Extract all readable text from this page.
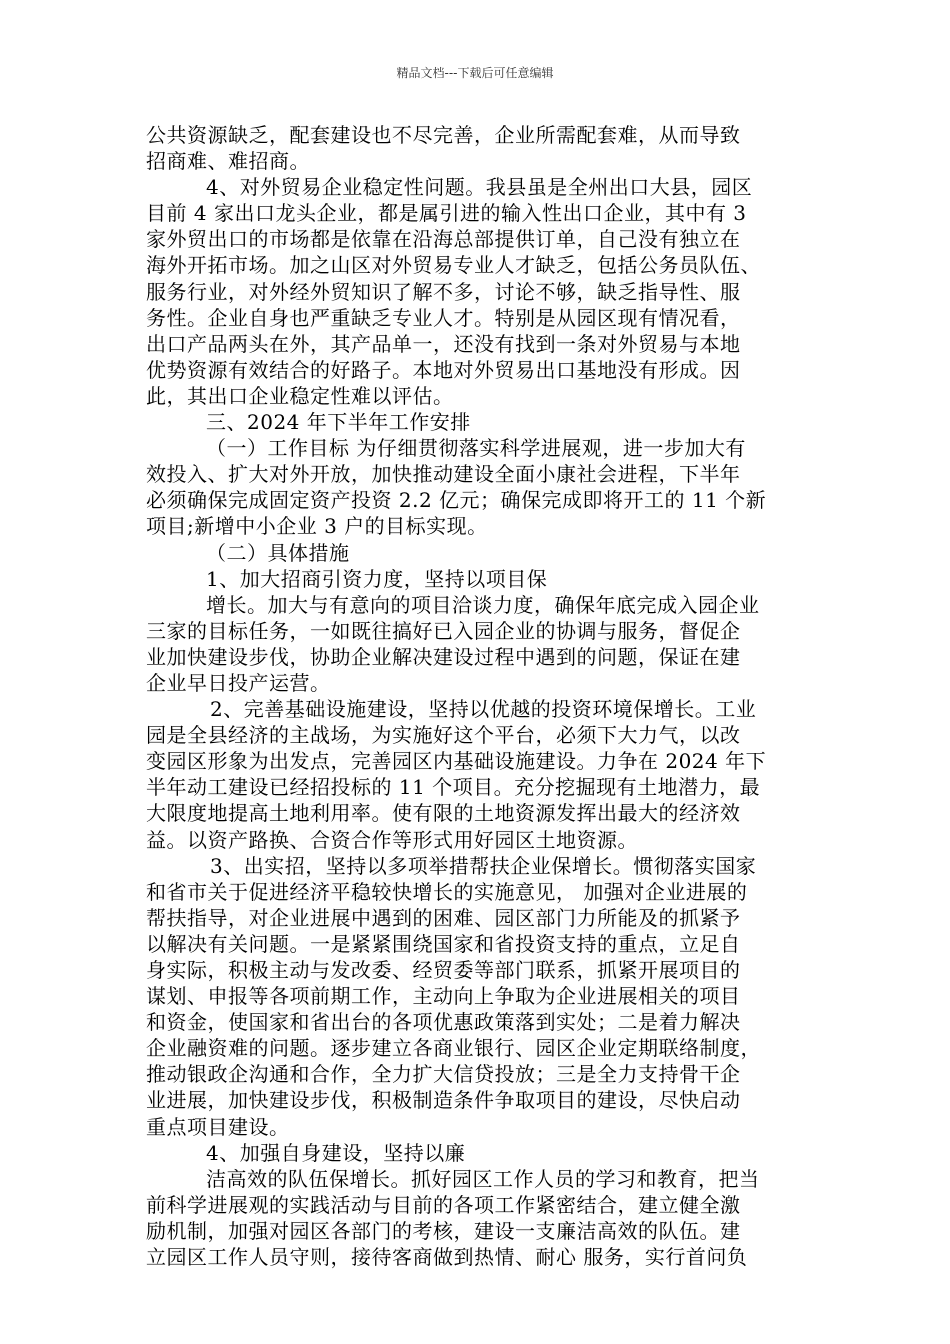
精品文档---下载后可任意编辑
公共资源缺乏，配套建设也不尽完善，企业所需配套难，从而导致
招商难、难招商。
4、对外贸易企业稳定性问题。我县虽是全州出口大县，园区
目前 4 家出口龙头企业，都是属引进的输入性出口企业，其中有 3
家外贸出口的市场都是依靠在沿海总部提供订单，自己没有独立在
海外开拓市场。加之山区对外贸易专业人才缺乏，包括公务员队伍、
服务行业，对外经外贸知识了解不多，讨论不够，缺乏指导性、服
务性。企业自身也严重缺乏专业人才。特别是从园区现有情况看，
出口产品两头在外，其产品单一，还没有找到一条对外贸易与本地
优势资源有效结合的好路子。本地对外贸易出口基地没有形成。因
此，其出口企业稳定性难以评估。
三、2024 年下半年工作安排
（一）工作目标 为仔细贯彻落实科学进展观，进一步加大有
效投入、扩大对外开放，加快推动建设全面小康社会进程，下半年
必须确保完成固定资产投资 2.2 亿元；确保完成即将开工的 11 个新
项目;新增中小企业 3 户的目标实现。
（二）具体措施
1、加大招商引资力度，坚持以项目保
增长。加大与有意向的项目洽谈力度，确保年底完成入园企业
三家的目标任务，一如既往搞好已入园企业的协调与服务，督促企
业加快建设步伐，协助企业解决建设过程中遇到的问题，保证在建
企业早日投产运营。
2、完善基础设施建设，坚持以优越的投资环境保增长。工业
园是全县经济的主战场，为实施好这个平台，必须下大力气，以改
变园区形象为出发点，完善园区内基础设施建设。力争在 2024 年下
半年动工建设已经招投标的 11 个项目。充分挖掘现有土地潜力，最
大限度地提高土地利用率。使有限的土地资源发挥出最大的经济效
益。以资产路换、合资合作等形式用好园区土地资源。
3、出实招，坚持以多项举措帮扶企业保增长。惯彻落实国家
和省市关于促进经济平稳较快增长的实施意见， 加强对企业进展的
帮扶指导，对企业进展中遇到的困难、园区部门力所能及的抓紧予
以解决有关问题。一是紧紧围绕国家和省投资支持的重点，立足自
身实际，积极主动与发改委、经贸委等部门联系，抓紧开展项目的
谋划、申报等各项前期工作，主动向上争取为企业进展相关的项目
和资金，使国家和省出台的各项优惠政策落到实处；二是着力解决
企业融资难的问题。逐步建立各商业银行、园区企业定期联络制度，
推动银政企沟通和合作，全力扩大信贷投放；三是全力支持骨干企
业进展，加快建设步伐，积极制造条件争取项目的建设，尽快启动
重点项目建设。
4、加强自身建设，坚持以廉
洁高效的队伍保增长。抓好园区工作人员的学习和教育，把当
前科学进展观的实践活动与目前的各项工作紧密结合，建立健全激
励机制，加强对园区各部门的考核，建设一支廉洁高效的队伍。建
立园区工作人员守则，接待客商做到热情、耐心 服务，实行首问负
